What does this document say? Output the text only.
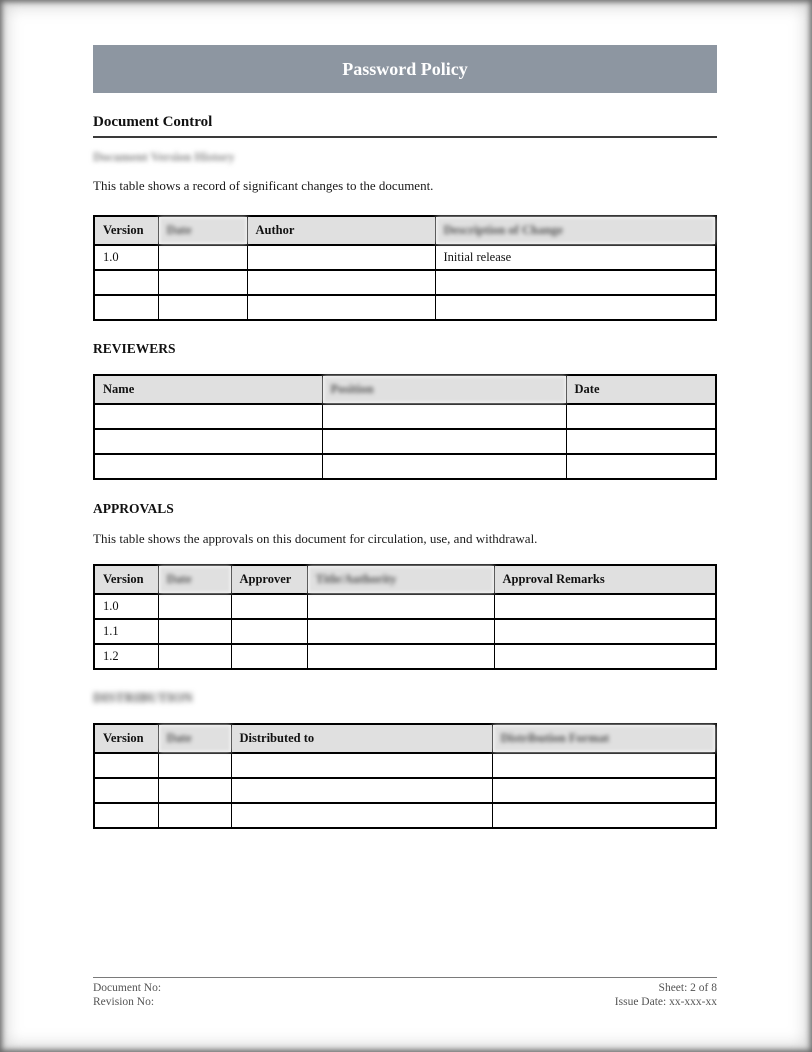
Password Policy
Document Control
Document Version History
This table shows a record of significant changes to the document.
Version	Date	Author	Description of Change
1.0			Initial release

REVIEWERS
Name	Position	Date

APPROVALS
This table shows the approvals on this document for circulation, use, and withdrawal.
Version	Date	Approver	Title/Authority	Approval Remarks
1.0				
1.1				
1.2				
DISTRIBUTION
Version	Date	Distributed to	Distribution Format

Document No:
Revision No:
Sheet: 2 of 8
Issue Date: xx-xxx-xx
